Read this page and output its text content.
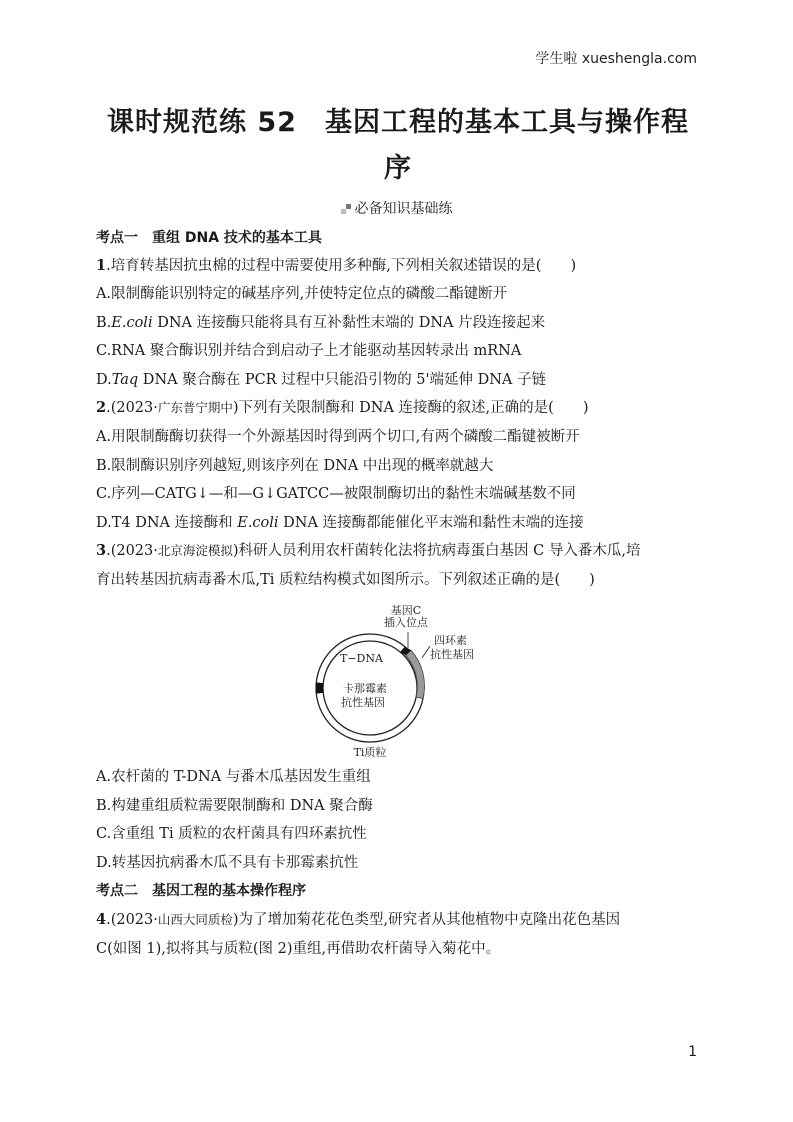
学生啦 xueshengla.com
课时规范练 52　基因工程的基本工具与操作程
序
必备知识基础练
考点一　重组 DNA 技术的基本工具
1.培育转基因抗虫棉的过程中需要使用多种酶,下列相关叙述错误的是(　　)
A.限制酶能识别特定的碱基序列,并使特定位点的磷酸二酯键断开
B.E.coli DNA 连接酶只能将具有互补黏性末端的 DNA 片段连接起来
C.RNA 聚合酶识别并结合到启动子上才能驱动基因转录出 mRNA
D.Taq DNA 聚合酶在 PCR 过程中只能沿引物的 5'端延伸 DNA 子链
2.(2023·广东普宁期中)下列有关限制酶和 DNA 连接酶的叙述,正确的是(　　)
A.用限制酶酶切获得一个外源基因时得到两个切口,有两个磷酸二酯键被断开
B.限制酶识别序列越短,则该序列在 DNA 中出现的概率就越大
C.序列—CATG↓—和—G↓GATCC—被限制酶切出的黏性末端碱基数不同
D.T4 DNA 连接酶和 E.coli DNA 连接酶都能催化平末端和黏性末端的连接
3.(2023·北京海淀模拟)科研人员利用农杆菌转化法将抗病毒蛋白基因 C 导入番木瓜,培
育出转基因抗病毒番木瓜,Ti 质粒结构模式如图所示。下列叙述正确的是(　　)
基因C
插入位点
四环素
抗性基因
T−DNA
卡那霉素
抗性基因
Ti质粒
A.农杆菌的 T-DNA 与番木瓜基因发生重组
B.构建重组质粒需要限制酶和 DNA 聚合酶
C.含重组 Ti 质粒的农杆菌具有四环素抗性
D.转基因抗病番木瓜不具有卡那霉素抗性
考点二　基因工程的基本操作程序
4.(2023·山西大同质检)为了增加菊花花色类型,研究者从其他植物中克隆出花色基因
C(如图 1),拟将其与质粒(图 2)重组,再借助农杆菌导入菊花中。
1
